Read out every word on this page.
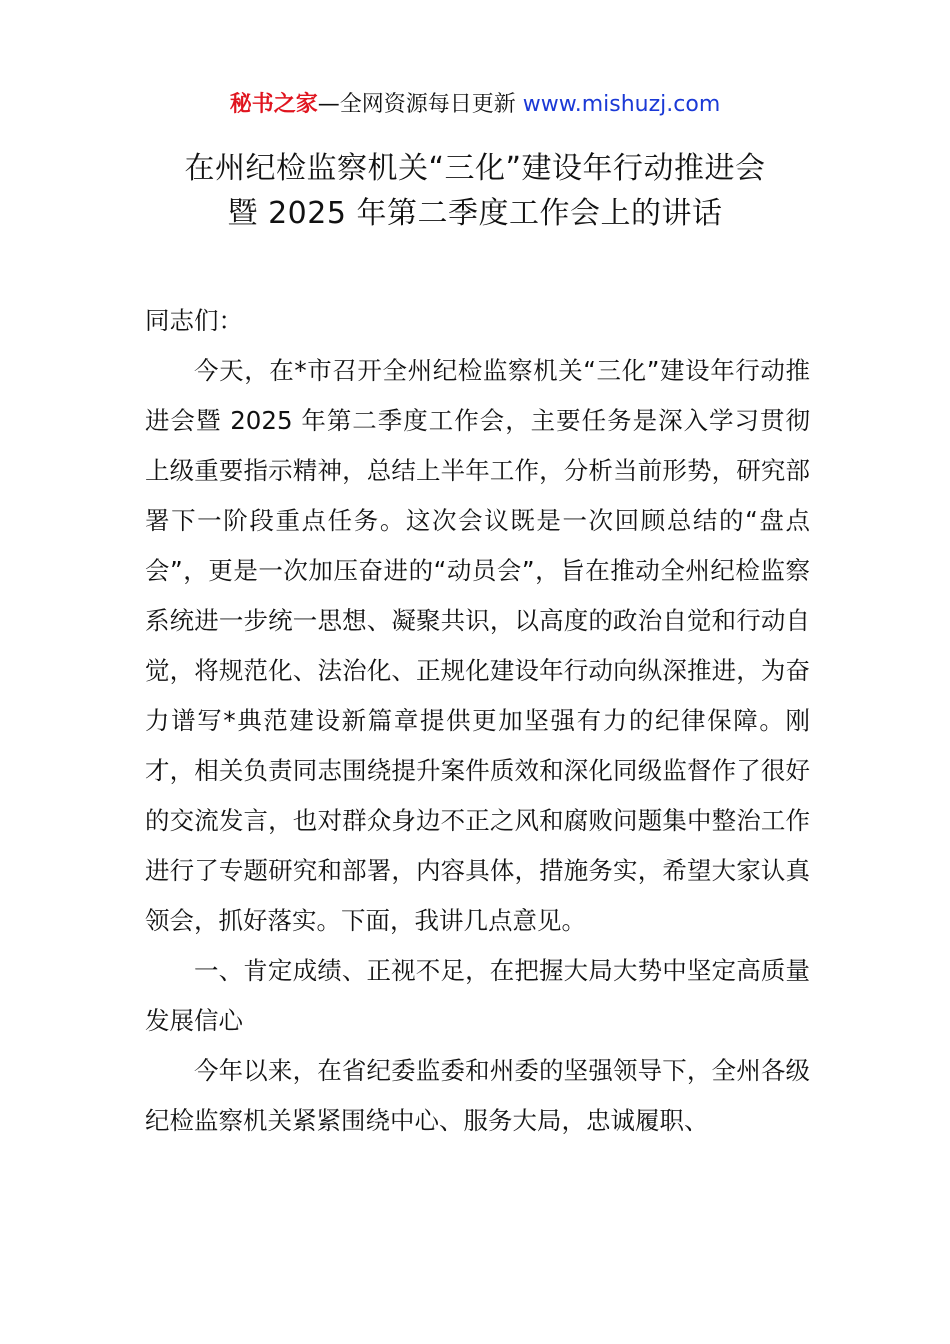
秘书之家—全网资源每日更新 www.mishuzj.com
在州纪检监察机关“三化”建设年行动推进会
暨 2025 年第二季度工作会上的讲话

同志们：

今天，在*市召开全州纪检监察机关“三化”建设年行动推进会暨 2025 年第二季度工作会，主要任务是深入学习贯彻上级重要指示精神，总结上半年工作，分析当前形势，研究部署下一阶段重点任务。这次会议既是一次回顾总结的“盘点会”，更是一次加压奋进的“动员会”，旨在推动全州纪检监察系统进一步统一思想、凝聚共识，以高度的政治自觉和行动自觉，将规范化、法治化、正规化建设年行动向纵深推进，为奋力谱写*典范建设新篇章提供更加坚强有力的纪律保障。刚才，相关负责同志围绕提升案件质效和深化同级监督作了很好的交流发言，也对群众身边不正之风和腐败问题集中整治工作进行了专题研究和部署，内容具体，措施务实，希望大家认真领会，抓好落实。下面，我讲几点意见。

一、肯定成绩、正视不足，在把握大局大势中坚定高质量发展信心

今年以来，在省纪委监委和州委的坚强领导下，全州各级纪检监察机关紧紧围绕中心、服务大局，忠诚履职、
